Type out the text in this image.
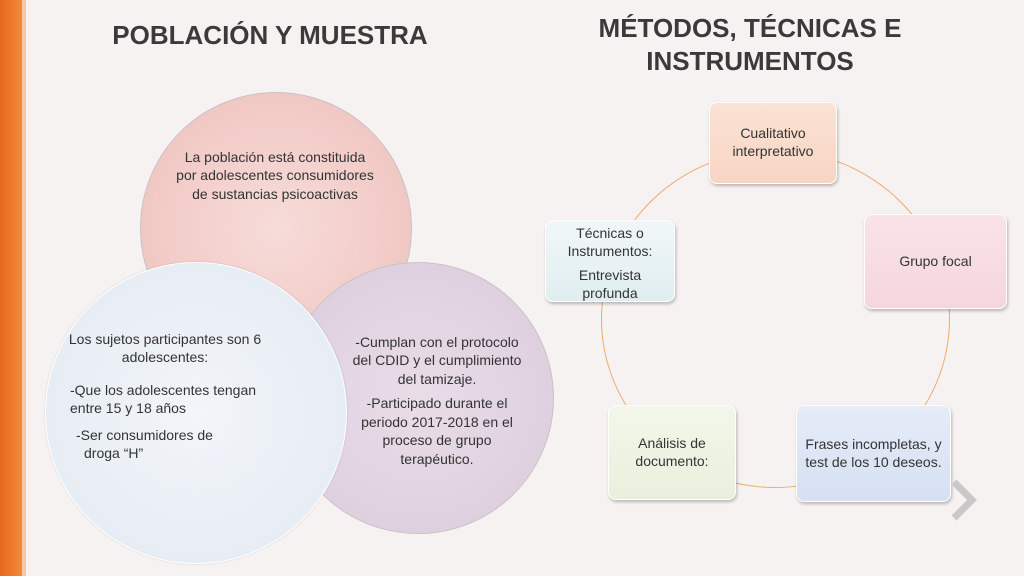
POBLACIÓN Y MUESTRA	MÉTODOS, TÉCNICAS E INSTRUMENTOS
La población está constituida por adolescentes consumidores de sustancias psicoactivas

-Cumplan con el protocolo del CDID y el cumplimiento del tamizaje.

-Participado durante el periodo 2017-2018 en el proceso de grupo terapéutico.

Los sujetos participantes son 6 adolescentes:

-Que los adolescentes tengan entre 15 y 18 años

-Ser consumidores de

droga “H”

Cualitativo interpretativo
Grupo focal
Frases incompletas, y test de los 10 deseos.
Análisis de documento:
Técnicas o Instrumentos:
Entrevista profunda
